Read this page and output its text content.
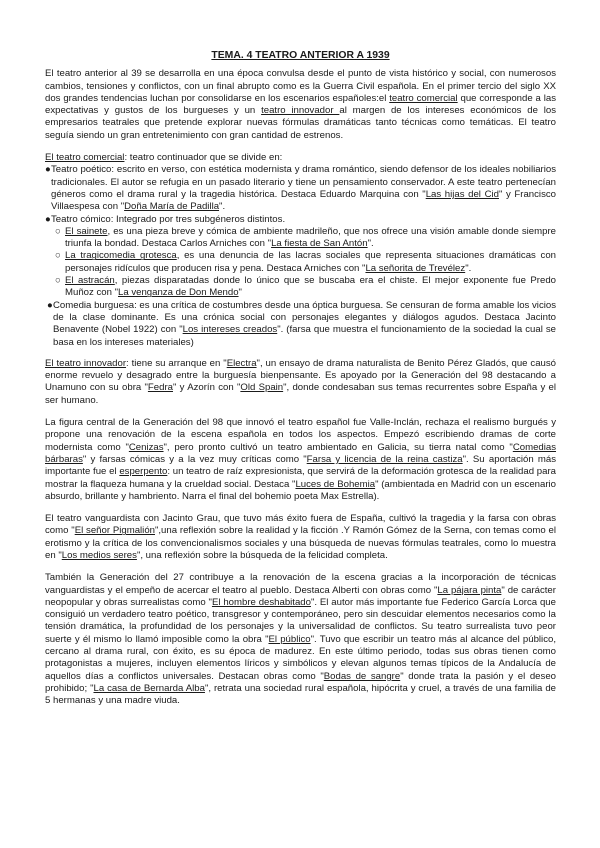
TEMA. 4 TEATRO ANTERIOR A 1939

El teatro anterior al 39 se desarrolla en una época convulsa desde el punto de vista histórico y social, con numerosos cambios, tensiones y conflictos, con un final abrupto como es la Guerra Civil española. En el primer tercio del siglo XX dos grandes tendencias luchan por consolidarse en los escenarios españoles:el teatro comercial que corresponde a las expectativas y gustos de los burgueses y un teatro innovador al margen de los intereses económicos de los empresarios teatrales que pretende explorar nuevas fórmulas dramáticas tanto técnicas como temáticas. El teatro seguía siendo un gran entretenimiento con gran cantidad de estrenos.

El teatro comercial: teatro continuador que se divide en:

●Teatro poético: escrito en verso, con estética modernista y drama romántico, siendo defensor de los ideales nobiliarios tradicionales. El autor se refugia en un pasado literario y tiene un pensamiento conservador. A este teatro pertenecían géneros como el drama rural y la tragedia histórica. Destaca Eduardo Marquina con "Las hijas del Cid" y Francisco Villaespesa con "Doña María de Padilla".
●Teatro cómico: Integrado por tres subgéneros distintos.
○ El sainete, es una pieza breve y cómica de ambiente madrileño, que nos ofrece una visión amable donde siempre triunfa la bondad. Destaca Carlos Arniches con "La fiesta de San Antón".
○ La tragicomedia grotesca, es una denuncia de las lacras sociales que representa situaciones dramáticas con personajes ridículos que producen risa y pena. Destaca Arniches con "La señorita de Trevélez".
○ El astracán, piezas disparatadas donde lo único que se buscaba era el chiste. El mejor exponente fue Predo Muñoz con "La venganza de Don Mendo"
●Comedia burguesa: es una crítica de costumbres desde una óptica burguesa. Se censuran de forma amable los vicios de la clase dominante. Es una crónica social con personajes elegantes y diálogos agudos. Destaca Jacinto Benavente (Nobel 1922) con "Los intereses creados". (farsa que muestra el funcionamiento de la sociedad la cual se basa en los intereses materiales)

El teatro innovador: tiene su arranque en "Electra", un ensayo de drama naturalista de Benito Pérez Gladós, que causó enorme revuelo y desagrado entre la burguesía bienpensante. Es apoyado por la Generación del 98 destacando a Unamuno con su obra "Fedra" y Azorín con "Old Spain", donde condesaban sus temas recurrentes sobre España y el ser humano.

La figura central de la Generación del 98 que innovó el teatro español fue Valle-Inclán, rechaza el realismo burgués y propone una renovación de la escena española en todos los aspectos. Empezó escribiendo dramas de corte modernista como "Cenizas", pero pronto cultivó un teatro ambientado en Galicia, su tierra natal como "Comedias bárbaras" y farsas cómicas y a la vez muy críticas como "Farsa y licencia de la reina castiza". Su aportación más importante fue el esperpento: un teatro de raíz expresionista, que servirá de la deformación grotesca de la realidad para mostrar la flaqueza humana y la crueldad social. Destaca "Luces de Bohemia" (ambientada en Madrid con un escenario absurdo, brillante y hambriento. Narra el final del bohemio poeta Max Estrella).

El teatro vanguardista con Jacinto Grau, que tuvo más éxito fuera de España, cultivó la tragedia y la farsa con obras como "El señor Pigmalión",una reflexión sobre la realidad y la ficción .Y Ramón Gómez de la Serna, con temas como el erotismo y la crítica de los convencionalismos sociales y una búsqueda de nuevas fórmulas teatrales, como lo muestra en "Los medios seres", una reflexión sobre la búsqueda de la felicidad completa.

También la Generación del 27 contribuye a la renovación de la escena gracias a la incorporación de técnicas vanguardistas y el empeño de acercar el teatro al pueblo. Destaca Alberti con obras como "La pájara pinta" de carácter neopopular y obras surrealistas como "El hombre deshabitado". El autor más importante fue Federico García Lorca que consiguió un verdadero teatro poético, transgresor y contemporáneo, pero sin descuidar elementos necesarios como la tensión dramática, la profundidad de los personajes y la universalidad de conflictos. Su teatro surrealista tuvo peor suerte y él mismo lo llamó imposible como la obra "El público". Tuvo que escribir un teatro más al alcance del público, cercano al drama rural, con éxito, es su época de madurez. En este último periodo, todas sus obras tienen como protagonistas a mujeres, incluyen elementos líricos y simbólicos y elevan algunos temas típicos de la Andalucía de aquellos días a conflictos universales. Destacan obras como "Bodas de sangre" donde trata la pasión y el deseo prohibido; "La casa de Bernarda Alba", retrata una sociedad rural española, hipócrita y cruel, a través de una familia de 5 hermanas y una madre viuda.
